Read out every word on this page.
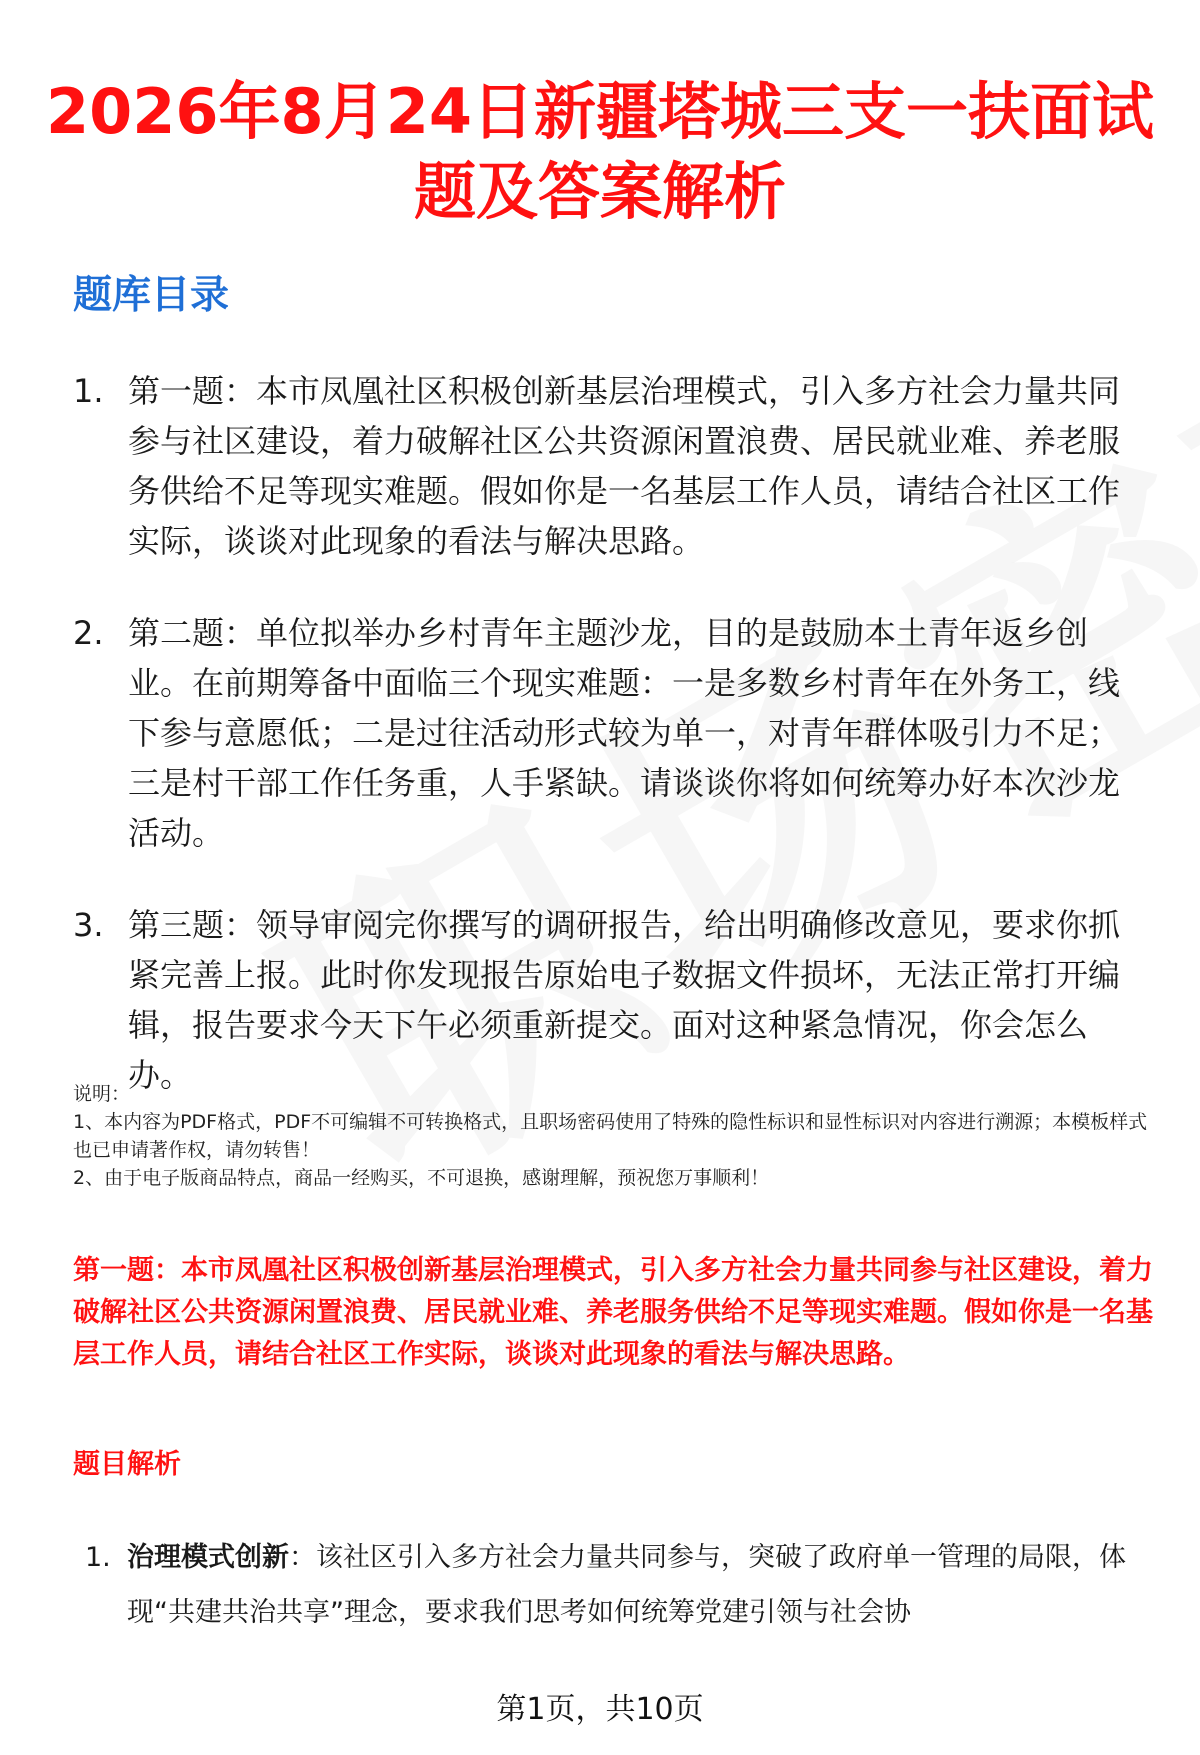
2026年8月24日新疆塔城三支一扶面试题及答案解析
题库目录
1. 第一题：本市凤凰社区积极创新基层治理模式，引入多方社会力量共同参与社区建设，着力破解社区公共资源闲置浪费、居民就业难、养老服务供给不足等现实难题。假如你是一名基层工作人员，请结合社区工作实际，谈谈对此现象的看法与解决思路。
2. 第二题：单位拟举办乡村青年主题沙龙，目的是鼓励本土青年返乡创业。在前期筹备中面临三个现实难题：一是多数乡村青年在外务工，线下参与意愿低；二是过往活动形式较为单一，对青年群体吸引力不足；三是村干部工作任务重，人手紧缺。请谈谈你将如何统筹办好本次沙龙活动。
3. 第三题：领导审阅完你撰写的调研报告，给出明确修改意见，要求你抓紧完善上报。此时你发现报告原始电子数据文件损坏，无法正常打开编辑，报告要求今天下午必须重新提交。面对这种紧急情况，你会怎么办。
说明：
1、本内容为PDF格式，PDF不可编辑不可转换格式，且职场密码使用了特殊的隐性标识和显性标识对内容进行溯源；本模板样式也已申请著作权，请勿转售！
2、由于电子版商品特点，商品一经购买，不可退换，感谢理解，预祝您万事顺利！
第一题：本市凤凰社区积极创新基层治理模式，引入多方社会力量共同参与社区建设，着力破解社区公共资源闲置浪费、居民就业难、养老服务供给不足等现实难题。假如你是一名基层工作人员，请结合社区工作实际，谈谈对此现象的看法与解决思路。
题目解析
1. 治理模式创新：该社区引入多方社会力量共同参与，突破了政府单一管理的局限，体现“共建共治共享”理念，要求我们思考如何统筹党建引领与社会协
第1页，共10页
